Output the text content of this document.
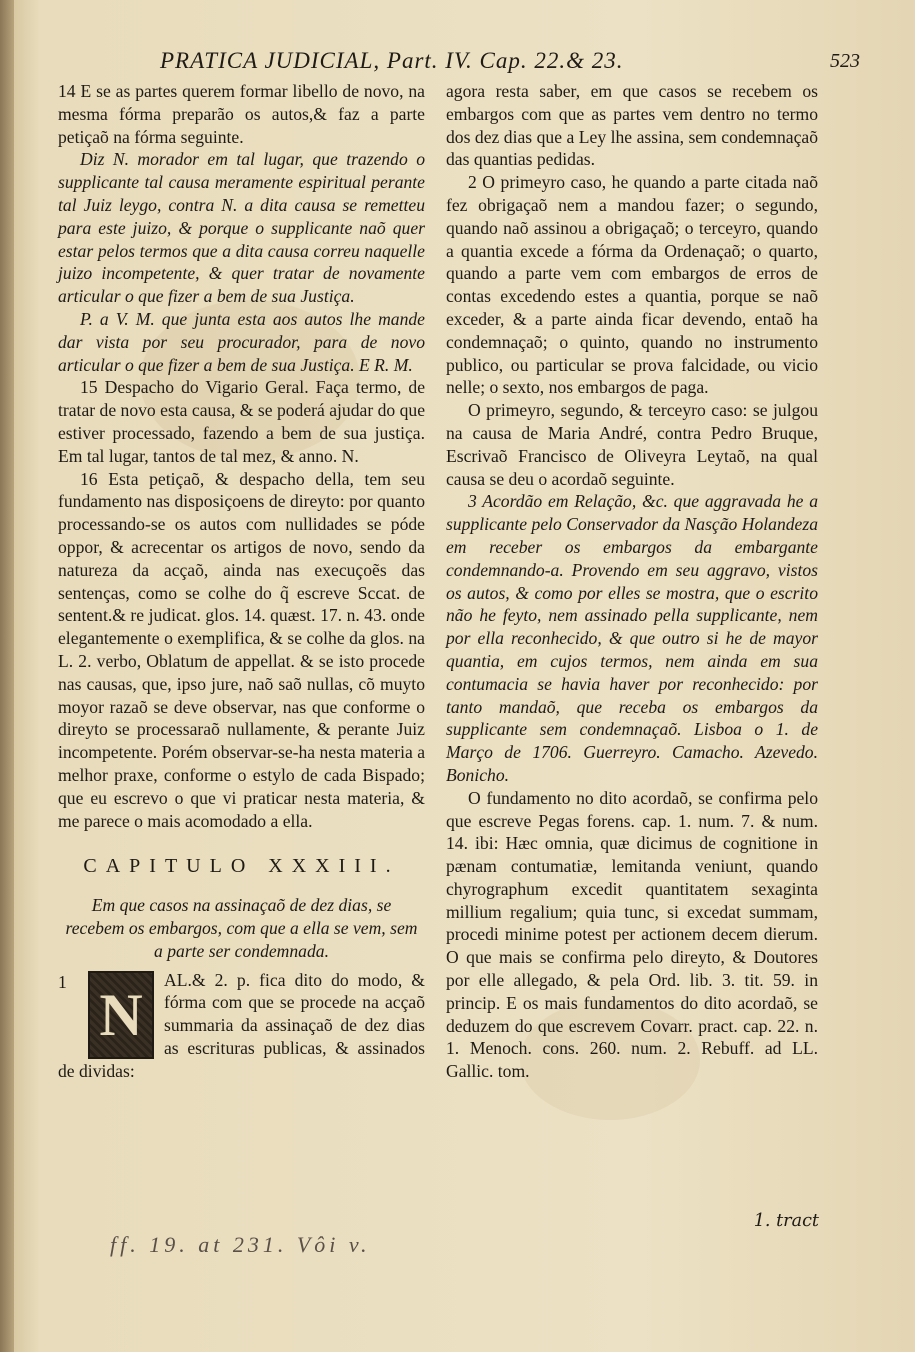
PRATICA JUDICIAL, Part. IV. Cap. 22.& 23.	523

14 E se as partes querem formar libello de novo, na mesma fórma preparão os autos,& faz a parte petiçaõ na fórma seguinte.

Diz N. morador em tal lugar, que trazendo o supplicante tal causa meramente espiritual perante tal Juiz leygo, contra N. a dita causa se remetteu para este juizo, & porque o supplicante naõ quer estar pelos termos que a dita causa correu naquelle juizo incompetente, & quer tratar de novamente articular o que fizer a bem de sua Justiça.

P. a V. M. que junta esta aos autos lhe mande dar vista por seu procurador, para de novo articular o que fizer a bem de sua Justiça. E R. M.

15 Despacho do Vigario Geral. Faça termo, de tratar de novo esta causa, & se poderá ajudar do que estiver processado, fazendo a bem de sua justiça. Em tal lugar, tantos de tal mez, & anno. N.

16 Esta petiçaõ, & despacho della, tem seu fundamento nas disposiçoens de direyto: por quanto processando-se os autos com nullidades se póde oppor, & acrecentar os artigos de novo, sendo da natureza da acçaõ, ainda nas execuçoẽs das sentenças, como se colhe do q̃ escreve Sccat. de sentent.& re judicat. glos. 14. quæst. 17. n. 43. onde elegantemente o exemplifica, & se colhe da glos. na L. 2. verbo, Oblatum de appellat. & se isto procede nas causas, que, ipso jure, naõ saõ nullas, cõ muyto moyor razaõ se deve observar, nas que conforme o direyto se processaraõ nullamente, & perante Juiz incompetente. Porém observar-se-ha nesta materia a melhor praxe, conforme o estylo de cada Bispado; que eu escrevo o que vi praticar nesta materia, & me parece o mais acomodado a ella.

CAPITULO XXXIII.

Em que casos na assinaçaõ de dez dias, se recebem os embargos, com que a ella se vem, sem a parte ser condemnada.

1 N

AL.& 2. p. fica dito do modo, & fórma com que se procede na acçaõ summaria da assinaçaõ de dez dias as escrituras publicas, & assinados de dividas:

agora resta saber, em que casos se recebem os embargos com que as partes vem dentro no termo dos dez dias que a Ley lhe assina, sem condemnaçaõ das quantias pedidas.

2 O primeyro caso, he quando a parte citada naõ fez obrigaçaõ nem a mandou fazer; o segundo, quando naõ assinou a obrigaçaõ; o terceyro, quando a quantia excede a fórma da Ordenaçaõ; o quarto, quando a parte vem com embargos de erros de contas excedendo estes a quantia, porque se naõ exceder, & a parte ainda ficar devendo, entaõ ha condemnaçaõ; o quinto, quando no instrumento publico, ou particular se prova falcidade, ou vicio nelle; o sexto, nos embargos de paga.

O primeyro, segundo, & terceyro caso: se julgou na causa de Maria André, contra Pedro Bruque, Escrivaõ Francisco de Oliveyra Leytaõ, na qual causa se deu o acordaõ seguinte.

3 Acordão em Relação, &c. que aggravada he a supplicante pelo Conservador da Nasção Holandeza em receber os embargos da embargante condemnando-a. Provendo em seu aggravo, vistos os autos, & como por elles se mostra, que o escrito não he feyto, nem assinado pella supplicante, nem por ella reconhecido, & que outro si he de mayor quantia, em cujos termos, nem ainda em sua contumacia se havia haver por reconhecido: por tanto mandaõ, que receba os embargos da supplicante sem condemnaçaõ. Lisboa o 1. de Março de 1706. Guerreyro. Camacho. Azevedo. Bonicho.

O fundamento no dito acordaõ, se confirma pelo que escreve Pegas forens. cap. 1. num. 7. & num. 14. ibi: Hæc omnia, quæ dicimus de cognitione in pænam contumatiæ, lemitanda veniunt, quando chyrographum excedit quantitatem sexaginta millium regalium; quia tunc, si excedat summam, procedi minime potest per actionem decem dierum. O que mais se confirma pelo direyto, & Doutores por elle allegado, & pela Ord. lib. 3. tit. 59. in princip. E os mais fundamentos do dito acordaõ, se deduzem do que escrevem Covarr. pract. cap. 22. n. 1. Menoch. cons. 260. num. 2. Rebuff. ad LL. Gallic. tom.

1. tract
ff. 19. at 231. Vôi v.
